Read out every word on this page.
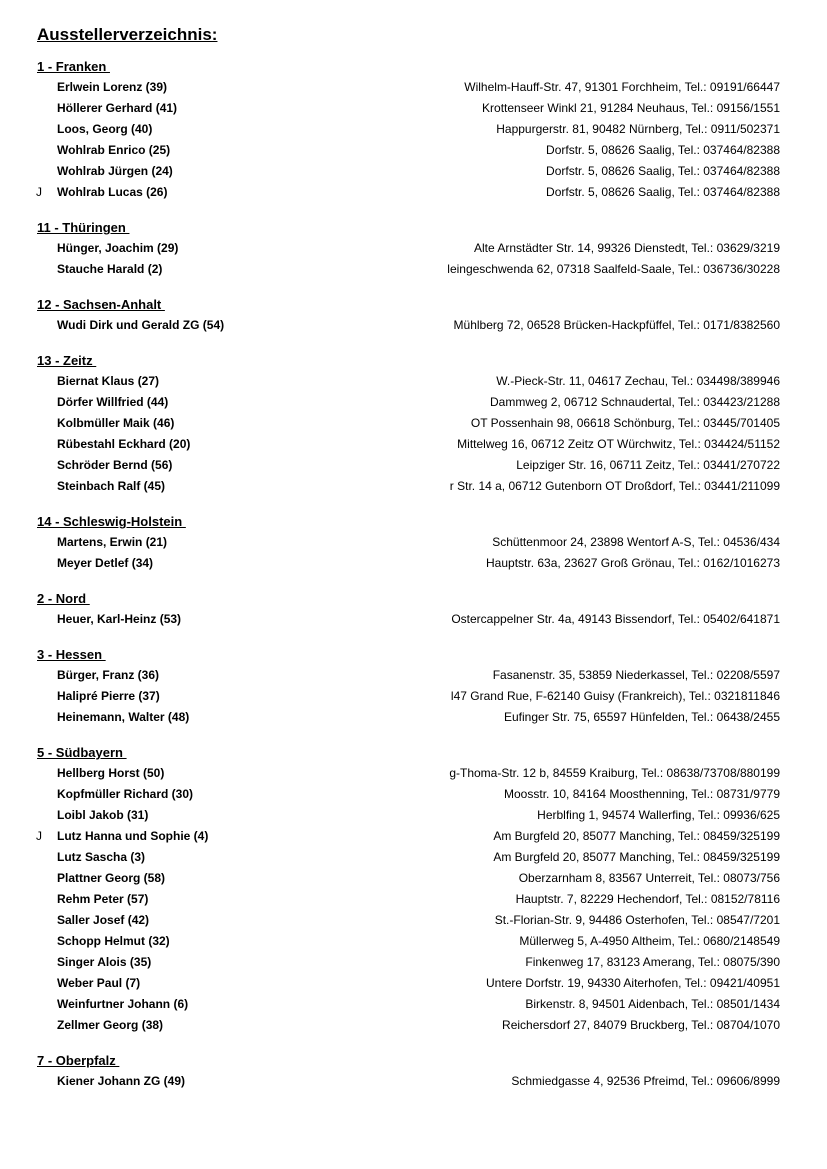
Ausstellerverzeichnis:
1 - Franken
Erlwein Lorenz (39)	Wilhelm-Hauff-Str. 47, 91301 Forchheim, Tel.: 09191/66447
Höllerer Gerhard (41)	Krottenseer Winkl 21, 91284 Neuhaus, Tel.: 09156/1551
Loos, Georg (40)	Happurgerstr. 81, 90482 Nürnberg, Tel.: 0911/502371
Wohlrab Enrico (25)	Dorfstr. 5, 08626 Saalig, Tel.: 037464/82388
Wohlrab Jürgen (24)	Dorfstr. 5, 08626 Saalig, Tel.: 037464/82388
J Wohlrab Lucas (26)	Dorfstr. 5, 08626 Saalig, Tel.: 037464/82388
11 - Thüringen
Hünger, Joachim (29)	Alte Arnstädter Str. 14, 99326 Dienstedt, Tel.: 03629/3219
Stauche Harald (2)	leingeschwenda 62, 07318 Saalfeld-Saale, Tel.: 036736/30228
12 - Sachsen-Anhalt
Wudi Dirk und Gerald ZG (54)	Mühlberg 72, 06528 Brücken-Hackpfüffel, Tel.: 0171/8382560
13 - Zeitz
Biernat Klaus (27)	W.-Pieck-Str. 11, 04617 Zechau, Tel.: 034498/389946
Dörfer Willfried (44)	Dammweg 2, 06712 Schnaudertal, Tel.: 034423/21288
Kolbmüller Maik (46)	OT Possenhain 98, 06618 Schönburg, Tel.: 03445/701405
Rübestahl Eckhard (20)	Mittelweg 16, 06712 Zeitz OT Würchwitz, Tel.: 034424/51152
Schröder Bernd (56)	Leipziger Str. 16, 06711 Zeitz, Tel.: 03441/270722
Steinbach Ralf (45)	r Str. 14 a, 06712 Gutenborn OT Droßdorf, Tel.: 03441/211099
14 - Schleswig-Holstein
Martens, Erwin (21)	Schüttenmoor 24, 23898 Wentorf A-S, Tel.: 04536/434
Meyer Detlef (34)	Hauptstr. 63a, 23627 Groß Grönau, Tel.: 0162/1016273
2 - Nord
Heuer, Karl-Heinz (53)	Ostercappelner Str. 4a, 49143 Bissendorf, Tel.: 05402/641871
3 - Hessen
Bürger, Franz (36)	Fasanenstr. 35, 53859 Niederkassel, Tel.: 02208/5597
Halipré Pierre (37)	l47 Grand Rue, F-62140 Guisy (Frankreich), Tel.: 0321811846
Heinemann, Walter (48)	Eufinger Str. 75, 65597 Hünfelden, Tel.: 06438/2455
5 - Südbayern
Hellberg Horst (50)	g-Thoma-Str. 12 b, 84559 Kraiburg, Tel.: 08638/73708/880199
Kopfmüller Richard (30)	Moosstr. 10, 84164 Moosthenning, Tel.: 08731/9779
Loibl Jakob (31)	Herblfing 1, 94574 Wallerfing, Tel.: 09936/625
J Lutz Hanna und Sophie (4)	Am Burgfeld 20, 85077 Manching, Tel.: 08459/325199
Lutz Sascha (3)	Am Burgfeld 20, 85077 Manching, Tel.: 08459/325199
Plattner Georg (58)	Oberzarnham 8, 83567 Unterreit, Tel.: 08073/756
Rehm Peter (57)	Hauptstr. 7, 82229 Hechendorf, Tel.: 08152/78116
Saller Josef (42)	St.-Florian-Str. 9, 94486 Osterhofen, Tel.: 08547/7201
Schopp Helmut (32)	Müllerweg 5, A-4950 Altheim, Tel.: 0680/2148549
Singer Alois (35)	Finkenweg 17, 83123 Amerang, Tel.: 08075/390
Weber Paul (7)	Untere Dorfstr. 19, 94330 Aiterhofen, Tel.: 09421/40951
Weinfurtner Johann (6)	Birkenstr. 8, 94501 Aidenbach, Tel.: 08501/1434
Zellmer Georg (38)	Reichersdorf 27, 84079 Bruckberg, Tel.: 08704/1070
7 - Oberpfalz
Kiener Johann ZG (49)	Schmiedgasse 4, 92536 Pfreimd, Tel.: 09606/8999
